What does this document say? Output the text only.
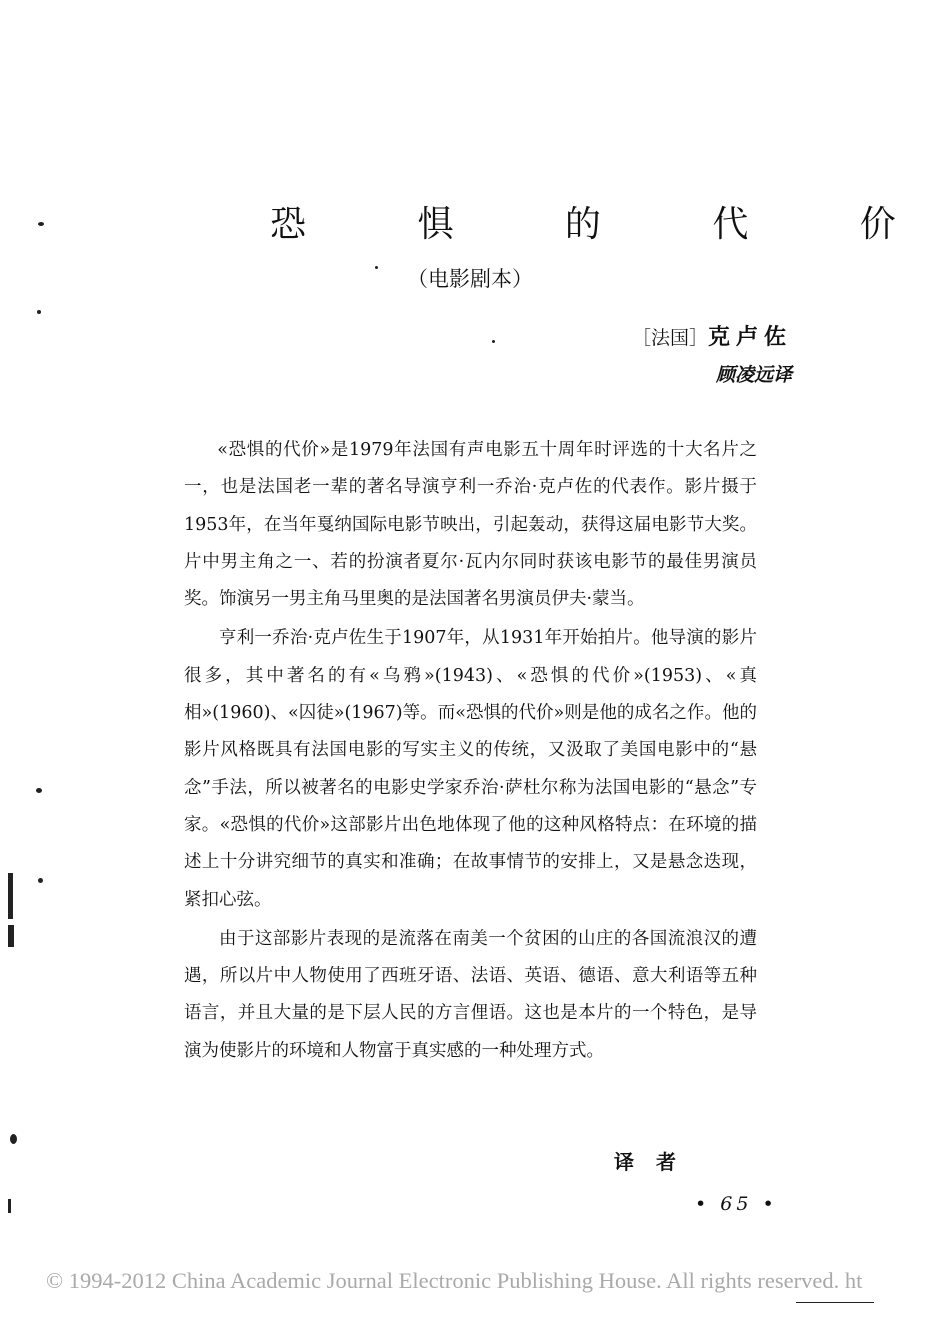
恐 惧 的 代 价
（电影剧本）
［法国］克卢佐
顾凌远译

«恐惧的代价»是1979年法国有声电影五十周年时评选的十大名片之一，也是法国老一辈的著名导演亨利一乔治·克卢佐的代表作。影片摄于1953年，在当年戛纳国际电影节映出，引起轰动，获得这届电影节大奖。片中男主角之一、若的扮演者夏尔·瓦内尔同时获该电影节的最佳男演员奖。饰演另一男主角马里奥的是法国著名男演员伊夫·蒙当。

亨利一乔治·克卢佐生于1907年，从1931年开始拍片。他导演的影片很多，其中著名的有«乌鸦»(1943)、«恐惧的代价»(1953)、«真相»(1960)、«囚徒»(1967)等。而«恐惧的代价»则是他的成名之作。他的影片风格既具有法国电影的写实主义的传统，又汲取了美国电影中的“悬念”手法，所以被著名的电影史学家乔治·萨杜尔称为法国电影的“悬念”专家。«恐惧的代价»这部影片出色地体现了他的这种风格特点：在环境的描述上十分讲究细节的真实和准确；在故事情节的安排上，又是悬念迭现，紧扣心弦。

由于这部影片表现的是流落在南美一个贫困的山庄的各国流浪汉的遭遇，所以片中人物使用了西班牙语、法语、英语、德语、意大利语等五种语言，并且大量的是下层人民的方言俚语。这也是本片的一个特色，是导演为使影片的环境和人物富于真实感的一种处理方式。

译者
• 65 •
© 1994-2012 China Academic Journal Electronic Publishing House. All rights reserved. ht
